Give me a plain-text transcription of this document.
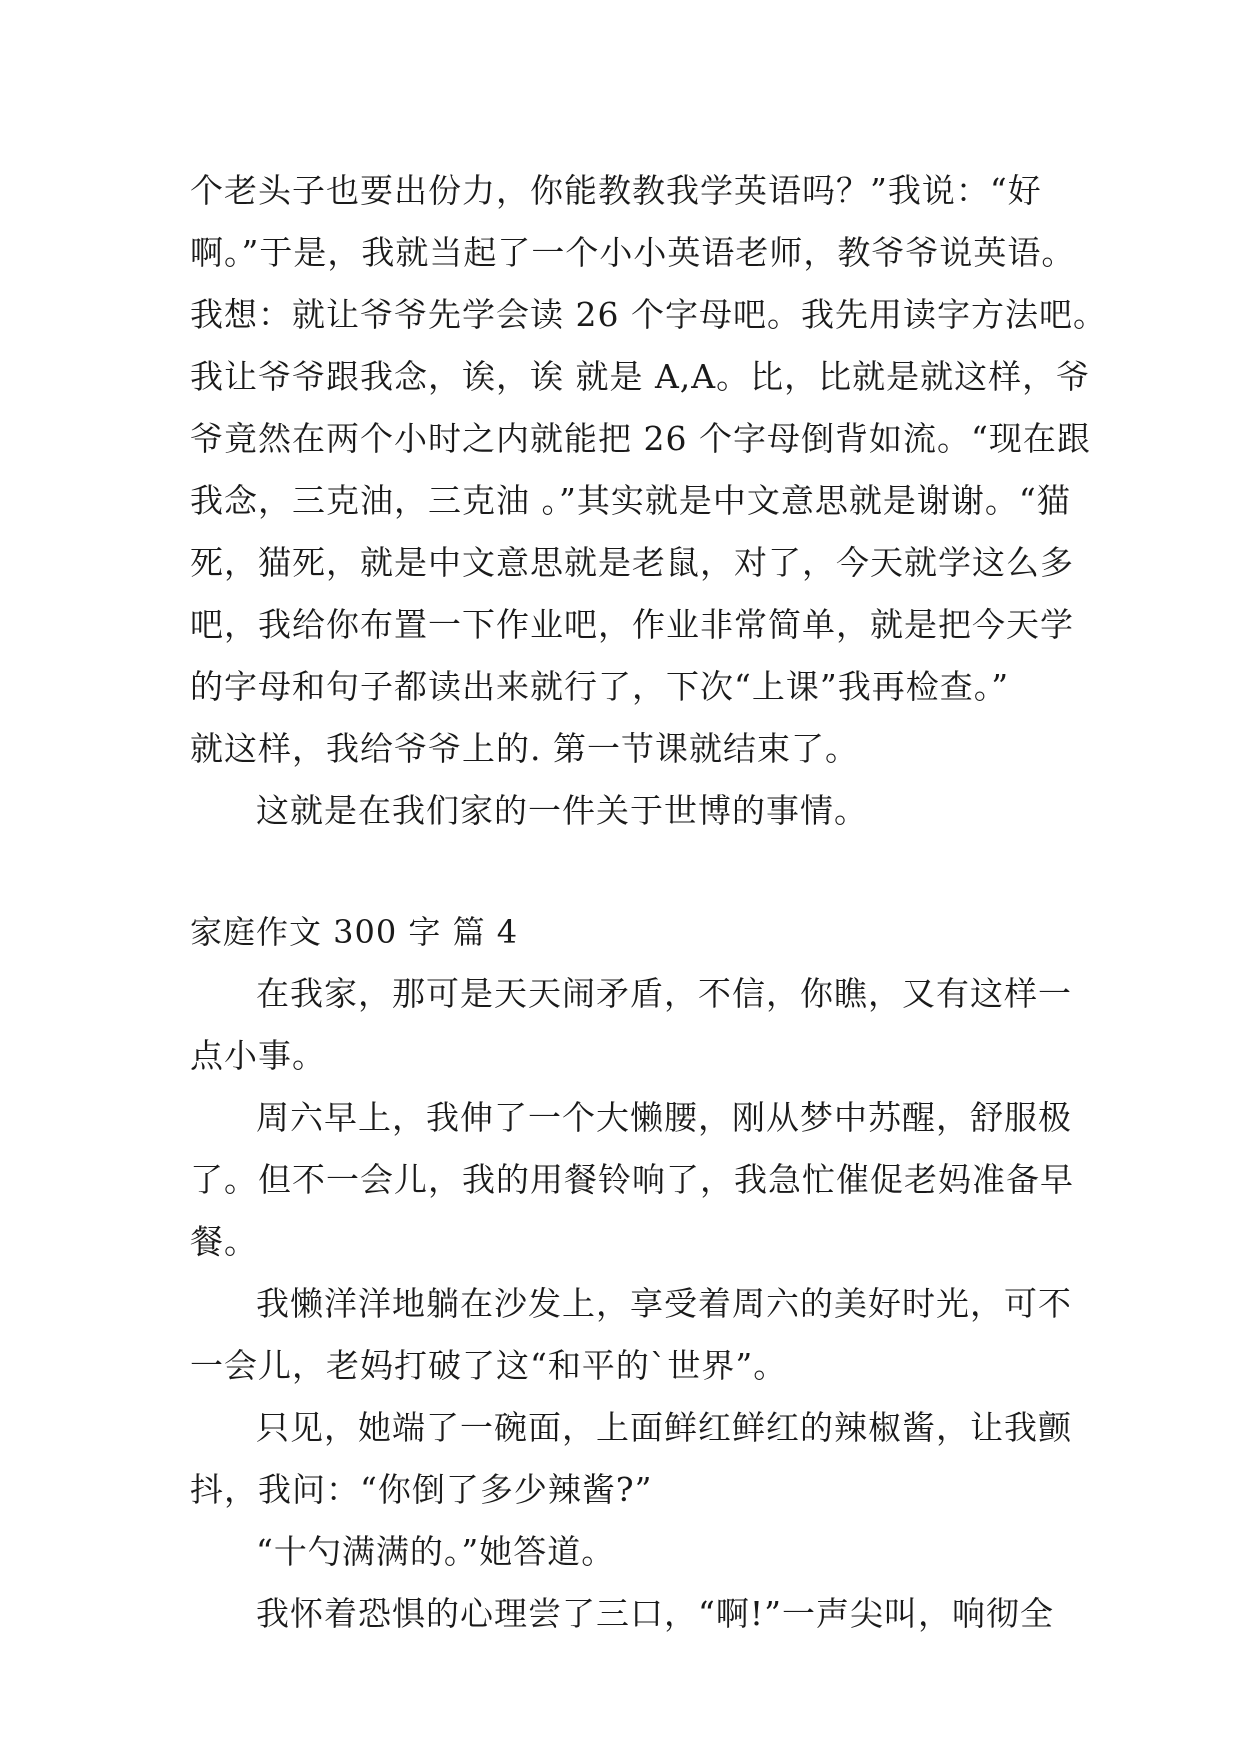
个老头子也要出份力，你能教教我学英语吗？”我说：“好
啊。”于是，我就当起了一个小小英语老师，教爷爷说英语。
我想：就让爷爷先学会读 26 个字母吧。我先用读字方法吧。
我让爷爷跟我念，诶，诶 就是 A,A。比，比就是就这样，爷
爷竟然在两个小时之内就能把 26 个字母倒背如流。“现在跟
我念，三克油，三克油 。”其实就是中文意思就是谢谢。“猫
死，猫死，就是中文意思就是老鼠，对了，今天就学这么多
吧，我给你布置一下作业吧，作业非常简单，就是把今天学
的字母和句子都读出来就行了，下次“上课”我再检查。”
就这样，我给爷爷上的. 第一节课就结束了。
这就是在我们家的一件关于世博的事情。
家庭作文 300 字 篇 4
在我家，那可是天天闹矛盾，不信，你瞧，又有这样一
点小事。
周六早上，我伸了一个大懒腰，刚从梦中苏醒，舒服极
了。但不一会儿，我的用餐铃响了，我急忙催促老妈准备早
餐。
我懒洋洋地躺在沙发上，享受着周六的美好时光，可不
一会儿，老妈打破了这“和平的`世界”。
只见，她端了一碗面，上面鲜红鲜红的辣椒酱，让我颤
抖，我问：“你倒了多少辣酱?”
“十勺满满的。”她答道。
我怀着恐惧的心理尝了三口，“啊!”一声尖叫，响彻全
